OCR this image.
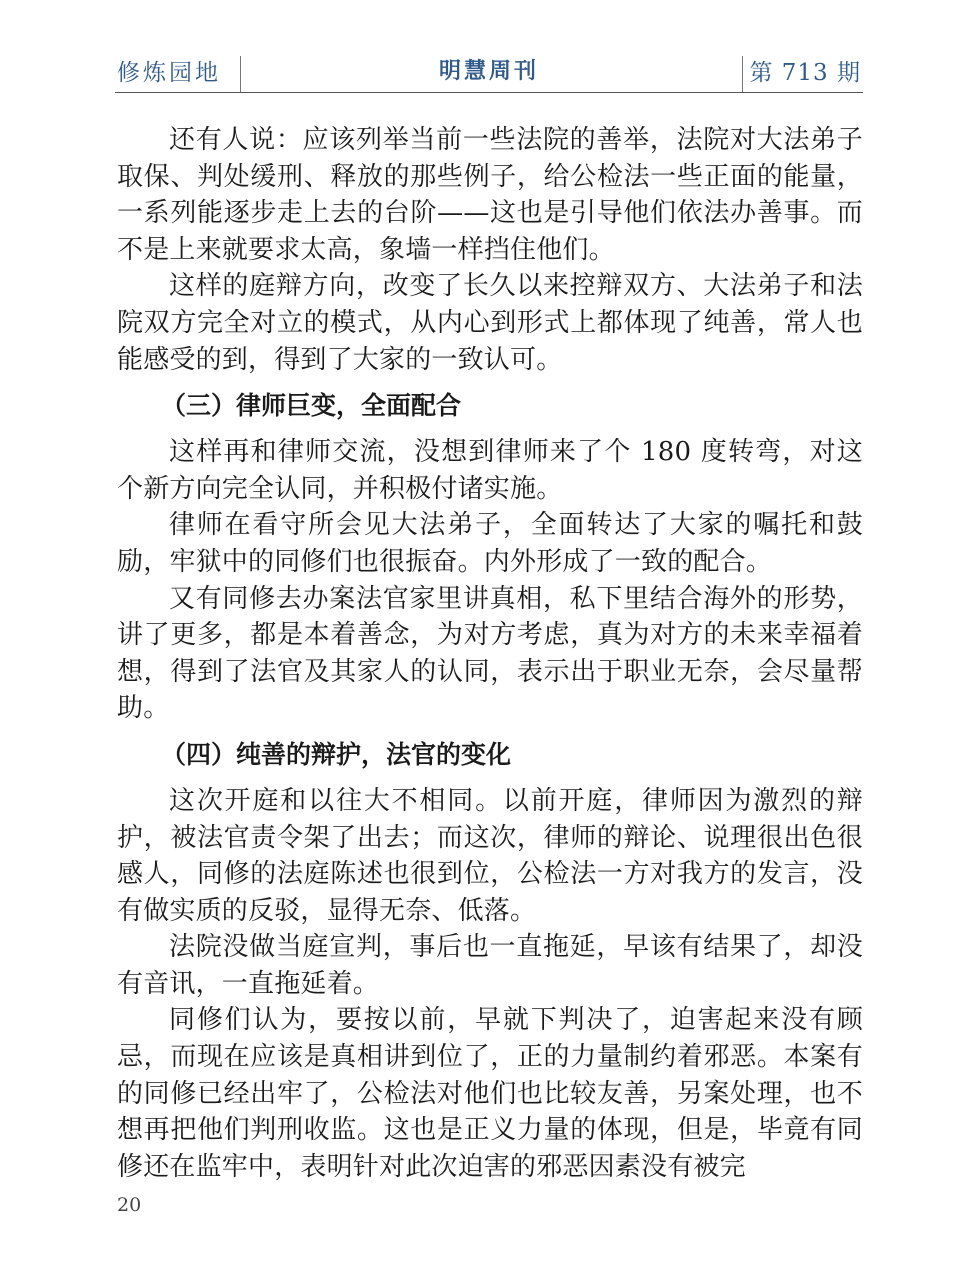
修炼园地	明慧周刊	第 713 期

还有人说：应该列举当前一些法院的善举，法院对大法弟子取保、判处缓刑、释放的那些例子，给公检法一些正面的能量，一系列能逐步走上去的台阶——这也是引导他们依法办善事。而不是上来就要求太高，象墙一样挡住他们。

这样的庭辩方向，改变了长久以来控辩双方、大法弟子和法院双方完全对立的模式，从内心到形式上都体现了纯善，常人也能感受的到，得到了大家的一致认可。

（三）律师巨变，全面配合

这样再和律师交流，没想到律师来了个 180 度转弯，对这个新方向完全认同，并积极付诸实施。

律师在看守所会见大法弟子，全面转达了大家的嘱托和鼓励，牢狱中的同修们也很振奋。内外形成了一致的配合。

又有同修去办案法官家里讲真相，私下里结合海外的形势，讲了更多，都是本着善念，为对方考虑，真为对方的未来幸福着想，得到了法官及其家人的认同，表示出于职业无奈，会尽量帮助。

（四）纯善的辩护，法官的变化

这次开庭和以往大不相同。以前开庭，律师因为激烈的辩护，被法官责令架了出去；而这次，律师的辩论、说理很出色很感人，同修的法庭陈述也很到位，公检法一方对我方的发言，没有做实质的反驳，显得无奈、低落。

法院没做当庭宣判，事后也一直拖延，早该有结果了，却没有音讯，一直拖延着。

同修们认为，要按以前，早就下判决了，迫害起来没有顾忌，而现在应该是真相讲到位了，正的力量制约着邪恶。本案有的同修已经出牢了，公检法对他们也比较友善，另案处理，也不想再把他们判刑收监。这也是正义力量的体现，但是，毕竟有同修还在监牢中，表明针对此次迫害的邪恶因素没有被完

20
